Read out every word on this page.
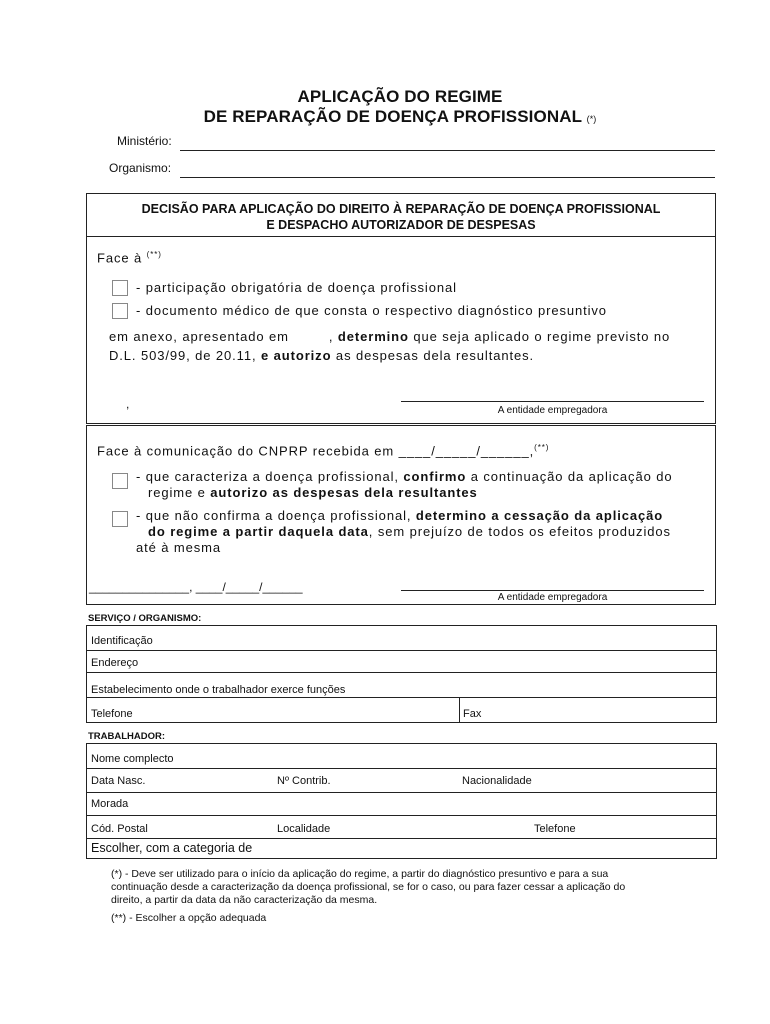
APLICAÇÃO DO REGIME
DE REPARAÇÃO DE DOENÇA PROFISSIONAL (*)
Ministério:
Organismo:
DECISÃO PARA APLICAÇÃO DO DIREITO À REPARAÇÃO DE DOENÇA PROFISSIONAL
E DESPACHO AUTORIZADOR DE DESPESAS
Face à (**)
- participação obrigatória de doença profissional
- documento médico de que consta o respectivo diagnóstico presuntivo
em anexo, apresentado em	, determino que seja aplicado o regime previsto no
D.L. 503/99, de 20.11, e autorizo as despesas dela resultantes.
,	A entidade empregadora
Face à comunicação do CNPRP recebida em ____/_____/______,(**)
- que caracteriza a doença profissional, confirmo a continuação da aplicação do
regime e autorizo as despesas dela resultantes
- que não confirma a doença profissional, determino a cessação da aplicação
do regime a partir daquela data, sem prejuízo de todos os efeitos produzidos
até à mesma
_______________, ____/_____/______
A entidade empregadora
SERVIÇO / ORGANISMO:
Identificação
Endereço
Estabelecimento onde o trabalhador exerce funções
Telefone	Fax
TRABALHADOR:
Nome complecto
Data Nasc.	Nº Contrib.	Nacionalidade
Morada
Cód. Postal	Localidade	Telefone
Escolher, com a categoria de
(*) - Deve ser utilizado para o início da aplicação do regime, a partir do diagnóstico presuntivo e para a sua
continuação desde a caracterização da doença profissional, se for o caso, ou para fazer cessar a aplicação do
direito, a partir da data da não caracterização da mesma.
(**) - Escolher a opção adequada
